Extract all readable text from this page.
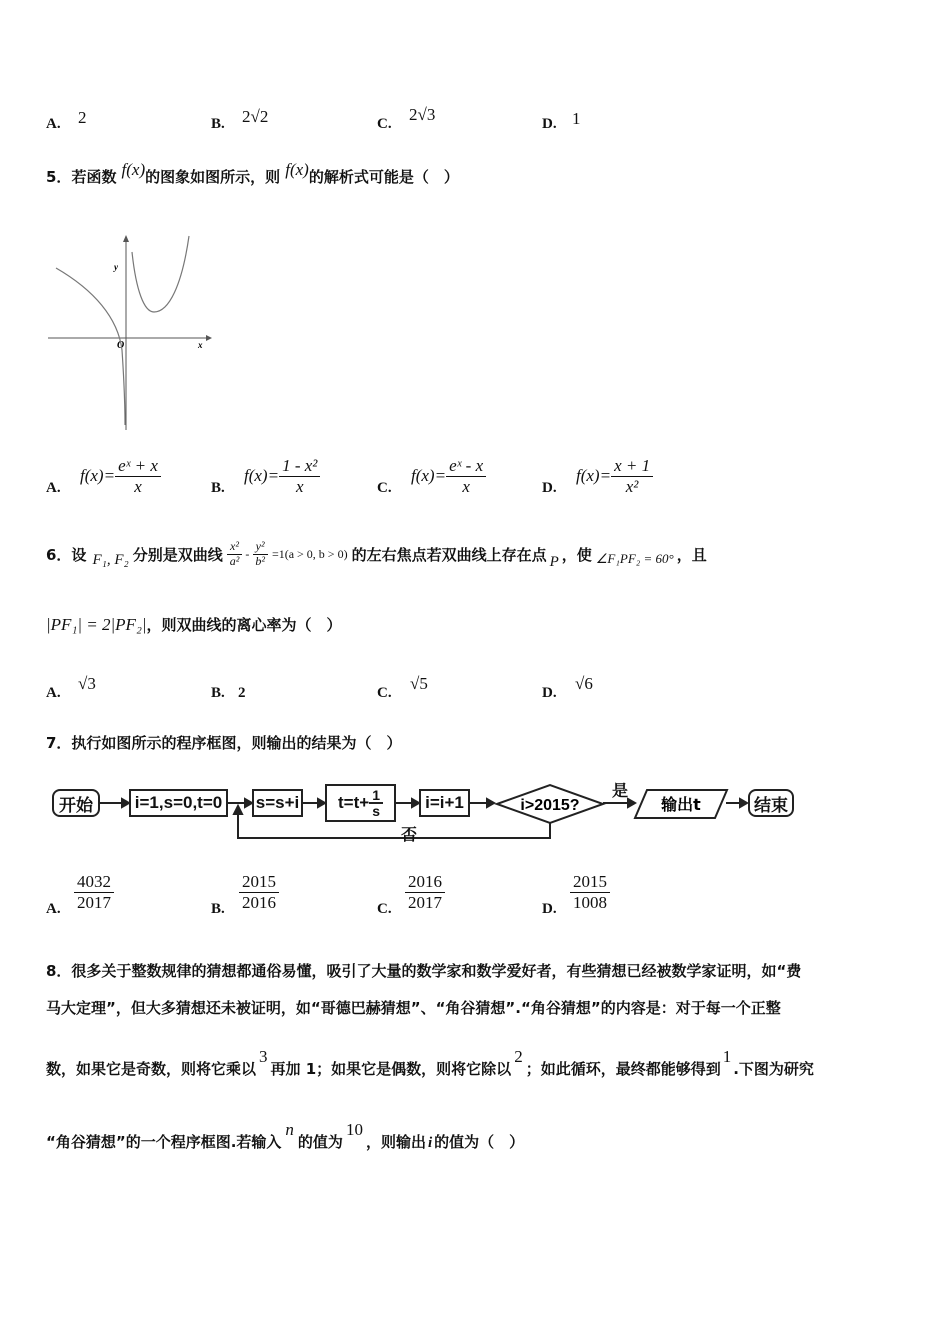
A. 2	B. 2√2	C. 2√3	D. 1
5．若函数 f(x)的图象如图所示，则 f(x)的解析式可能是（　）
y
x
O
A.
$f(x)= \frac{\text{eˣ + x}}{x}$	B.
$f(x)= \frac{\text{1 - x²}}{x}$	C.
$f(x)= \frac{\text{eˣ - x}}{x}$	D.
$f(x)= \frac{x + 1}{\text{x²}}$
6．设 F₁, F₂ 分别是双曲线 $\frac{\text{x²}}{\text{a²}} - \frac{\text{y²}}{\text{b²}} =1(a > 0$, b > 0) 的左右焦点若双曲线上存在点 P ，使 ∠F₁PF₂ = 60° ，且
|PF₁| = 2|PF₂| ，则双曲线的离心率为（　）
A. √3	B. 2	C. √5	D. √6
7．执行如图所示的程序框图，则输出的结果为（　）
开始	i=1,s=0,t=0	s=s+i $t=t+ \frac{1}{s}$	i=i+1	i>2015?
是
否
输出t	结束
A. $\frac{4032}{2017}$	B. $\frac{2015}{2016}$	C. $\frac{2016}{2017}$	D. $\frac{2015}{1008}$
8．很多关于整数规律的猜想都通俗易懂，吸引了大量的数学家和数学爱好者，有些猜想已经被数学家证明，如“费
马大定理”，但大多猜想还未被证明，如“哥德巴赫猜想”、“角谷猜想”.“角谷猜想”的内容是：对于每一个正整
数，如果它是奇数，则将它乘以3再加 1；如果它是偶数，则将它除以2；如此循环，最终都能够得到1.下图为研究
“角谷猜想”的一个程序框图.若输入n的值为10，则输出 i 的值为（　）
